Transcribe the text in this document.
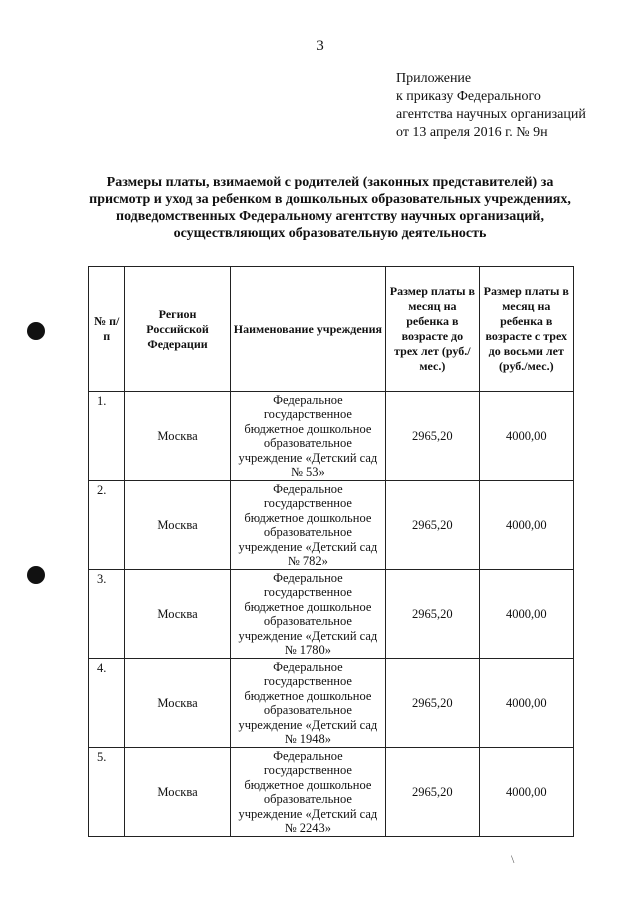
3
Приложение
к приказу Федерального
агентства научных организаций
от 13 апреля 2016 г. № 9н
Размеры платы, взимаемой с родителей (законных представителей) за присмотр и уход за ребенком в дошкольных образовательных учреждениях, подведомственных Федеральному агентству научных организаций, осуществляющих образовательную деятельность
№ п/п	Регион Российской Федерации	Наименование учреждения	Размер платы в месяц на ребенка в возрасте до трех лет (руб./мес.)	Размер платы в месяц на ребенка в возрасте с трех до восьми лет (руб./мес.)
1.	Москва	Федеральное государственное бюджетное дошкольное образовательное учреждение «Детский сад № 53»	2965,20	4000,00
2.	Москва	Федеральное государственное бюджетное дошкольное образовательное учреждение «Детский сад № 782»	2965,20	4000,00
3.	Москва	Федеральное государственное бюджетное дошкольное образовательное учреждение «Детский сад № 1780»	2965,20	4000,00
4.	Москва	Федеральное государственное бюджетное дошкольное образовательное учреждение «Детский сад № 1948»	2965,20	4000,00
5.	Москва	Федеральное государственное бюджетное дошкольное образовательное учреждение «Детский сад № 2243»	2965,20	4000,00
\
